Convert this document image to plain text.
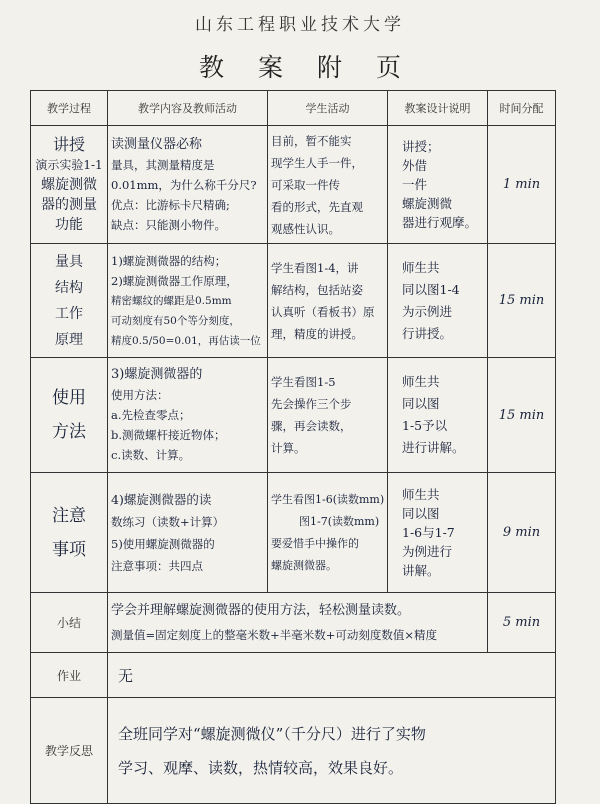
山东工程职业技术大学
教案附页
教学过程	教学内容及教师活动	学生活动	教案设计说明	时间分配

讲授
演示实验1-1
螺旋测微
器的测量
功能	读测量仪器必称
量具，其测量精度是
0.01mm，为什么称千分尺?
优点：比游标卡尺精确;
缺点：只能测小物件。	目前，暂不能实
现学生人手一件，
可采取一件传
看的形式，先直观
观感性认识。	讲授；
外借
一件
螺旋测微
器进行观摩。	1 min

量具
结构
工作
原理	1)螺旋测微器的结构；
2)螺旋测微器工作原理，
精密螺纹的螺距是0.5mm
可动刻度有50个等分刻度，
精度0.5/50=0.01，再估读一位	学生看图1-4，讲
解结构，包括站姿
认真听（看板书）原
理，精度的讲授。	师生共
同以图1-4
为示例进
行讲授。	15 min

使用
方法	3)螺旋测微器的
使用方法：
a.先检查零点；
b.测微螺杆接近物体；
c.读数、计算。	学生看图1-5
先会操作三个步
骤，再会读数，
计算。	师生共
同以图
1-5予以
进行讲解。	15 min

注意
事项	4)螺旋测微器的读
数练习（读数+计算）
5)使用螺旋测微器的
注意事项：共四点	学生看图1-6(读数mm)
图1-7(读数mm)
要爱惜手中操作的
螺旋测微器。	师生共
同以图
1-6与1-7
为例进行
讲解。	9 min
小结	学会并理解螺旋测微器的使用方法，轻松测量读数。
测量值=固定刻度上的整毫米数+半毫米数+可动刻度数值×精度			5 min
作业	无			
教学反思	全班同学对“螺旋测微仪”（千分尺）进行了实物
学习、观摩、读数，热情较高，效果良好。			
